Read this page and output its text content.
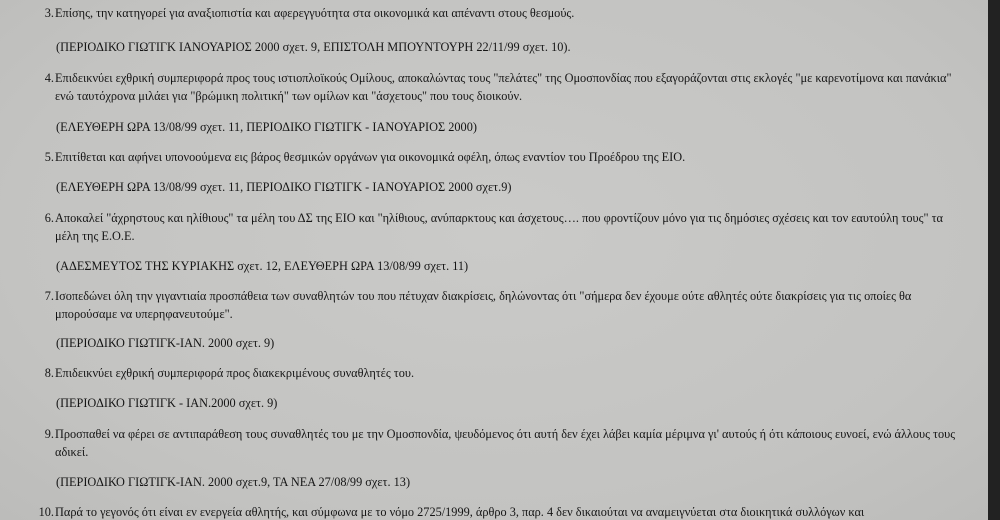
3. Επίσης, την κατηγορεί για αναξιοπιστία και αφερεγγυότητα στα οικονομικά και απέναντι στους θεσμούς.
(ΠΕΡΙΟΔΙΚΟ ΓΙΩΤΙΓΚ ΙΑΝΟΥΑΡΙΟΣ 2000 σχετ. 9, ΕΠΙΣΤΟΛΗ ΜΠΟΥΝΤΟΥΡΗ 22/11/99 σχετ. 10).
4. Επιδεικνύει εχθρική συμπεριφορά προς τους ιστιοπλοϊκούς Ομίλους, αποκαλώντας τους "πελάτες" της Ομοσπονδίας που εξαγοράζονται στις εκλογές "με καρενοτίμονα και πανάκια" ενώ ταυτόχρονα μιλάει για "βρώμικη πολιτική" των ομίλων και "άσχετους" που τους διοικούν.
(ΕΛΕΥΘΕΡΗ ΩΡΑ 13/08/99 σχετ. 11, ΠΕΡΙΟΔΙΚΟ ΓΙΩΤΙΓΚ - ΙΑΝΟΥΑΡΙΟΣ 2000)
5. Επιτίθεται και αφήνει υπονοούμενα εις βάρος θεσμικών οργάνων για οικονομικά οφέλη, όπως εναντίον του Προέδρου της ΕΙΟ.
(ΕΛΕΥΘΕΡΗ ΩΡΑ 13/08/99 σχετ. 11, ΠΕΡΙΟΔΙΚΟ ΓΙΩΤΙΓΚ - ΙΑΝΟΥΑΡΙΟΣ 2000 σχετ.9)
6. Αποκαλεί "άχρηστους και ηλίθιους" τα μέλη του ΔΣ της ΕΙΟ και "ηλίθιους, ανύπαρκτους και άσχετους…. που φροντίζουν μόνο για τις δημόσιες σχέσεις και τον εαυτούλη τους" τα μέλη της Ε.Ο.Ε.
(ΑΔΕΣΜΕΥΤΟΣ ΤΗΣ ΚΥΡΙΑΚΗΣ σχετ. 12, ΕΛΕΥΘΕΡΗ ΩΡΑ 13/08/99 σχετ. 11)
7. Ισοπεδώνει όλη την γιγαντιαία προσπάθεια των συναθλητών του που πέτυχαν διακρίσεις, δηλώνοντας ότι "σήμερα δεν έχουμε ούτε αθλητές ούτε διακρίσεις για τις οποίες θα μπορούσαμε να υπερηφανευτούμε".
(ΠΕΡΙΟΔΙΚΟ ΓΙΩΤΙΓΚ-ΙΑΝ. 2000 σχετ. 9)
8. Επιδεικνύει εχθρική συμπεριφορά προς διακεκριμένους συναθλητές του.
(ΠΕΡΙΟΔΙΚΟ ΓΙΩΤΙΓΚ - ΙΑΝ.2000 σχετ. 9)
9. Προσπαθεί να φέρει σε αντιπαράθεση τους συναθλητές του με την Ομοσπονδία, ψευδόμενος ότι αυτή δεν έχει λάβει καμία μέριμνα γι' αυτούς ή ότι κάποιους ευνοεί, ενώ άλλους τους αδικεί.
(ΠΕΡΙΟΔΙΚΟ ΓΙΩΤΙΓΚ-ΙΑΝ. 2000 σχετ.9, ΤΑ ΝΕΑ 27/08/99 σχετ. 13)
10. Παρά το γεγονός ότι είναι εν ενεργεία αθλητής, και σύμφωνα με το νόμο 2725/1999, άρθρο 3, παρ. 4 δεν δικαιούται να αναμειγνύεται στα διοικητικά συλλόγων και
